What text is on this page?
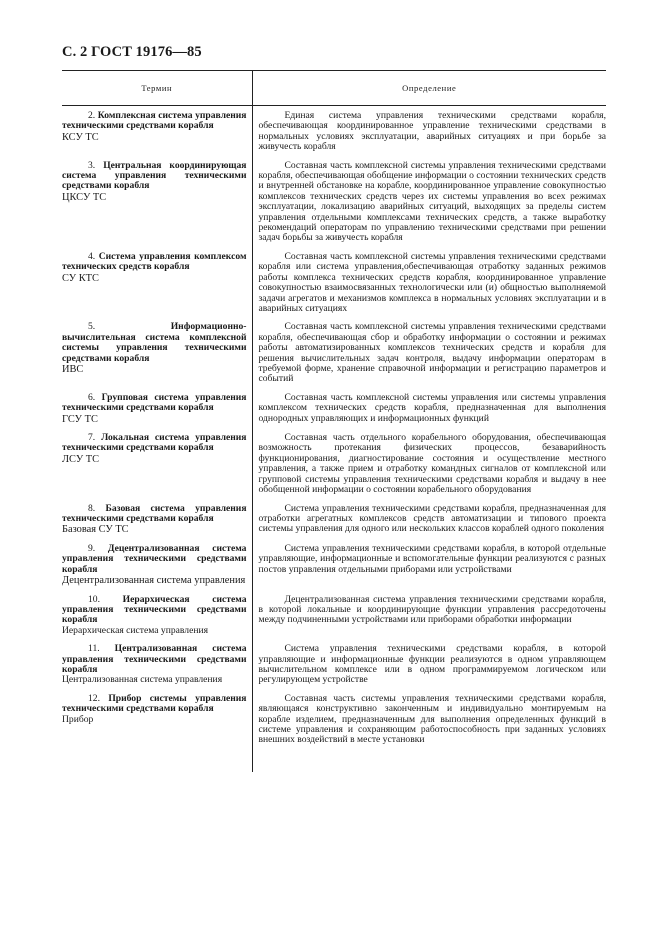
С. 2 ГОСТ 19176—85
Термин	Определение

2. Комплексная система управления техническими средствами корабля
КСУ ТС	Единая система управления техническими средствами корабля, обеспечивающая координированное управление техническими средствами в нормальных условиях эксплуатации, аварийных ситуациях и при борьбе за живучесть корабля

3. Центральная координирующая система управления техническими средствами корабля
ЦКСУ ТС	Составная часть комплексной системы управления техническими средствами корабля, обеспечивающая обобщение информации о состоянии технических средств и внутренней обстановке на корабле, координированное управление совокупностью комплексов технических средств через их системы управления во всех режимах эксплуатации, локализацию аварийных ситуаций, выходящих за пределы систем управления отдельными комплексами технических средств, а также выработку рекомендаций операторам по управлению техническими средствами при решении задач борьбы за живучесть корабля

4. Система управления комплексом технических средств корабля
СУ КТС	Составная часть комплексной системы управления техническими средствами корабля или система управления,обеспечивающая отработку заданных режимов работы комплекса технических средств корабля, координированное управление совокупностью взаимосвязанных технологически или (и) общностью выполняемой задачи агрегатов и механизмов комплекса в нормальных условиях эксплуатации и в аварийных ситуациях

5. Информационно-вычислительная система комплексной системы управления техническими средствами корабля
ИВС	Составная часть комплексной системы управления техническими средствами корабля, обеспечивающая сбор и обработку информации о состоянии и режимах работы автоматизированных комплексов технических средств и корабля для решения вычислительных задач контроля, выдачу информации операторам в требуемой форме, хранение справочной информации и регистрацию параметров и событий

6. Групповая система управления техническими средствами корабля
ГСУ ТС	Составная часть комплексной системы управления или системы управления комплексом технических средств корабля, предназначенная для выполнения однородных управляющих и информационных функций

7. Локальная система управления техническими средствами корабля
ЛСУ ТС	Составная часть отдельного корабельного оборудования, обеспечивающая возможность протекания физических процессов, безаварийность функционирования, диагностирование состояния и осуществление местного управления, а также прием и отработку командных сигналов от комплексной или групповой системы управления техническими средствами корабля и выдачу в нее обобщенной информации о состоянии корабельного оборудования

8. Базовая система управления техническими средствами корабля
Базовая СУ ТС	Система управления техническими средствами корабля, предназначенная для отработки агрегатных комплексов средств автоматизации и типового проекта системы управления для одного или нескольких классов кораблей одного поколения

9. Децентрализованная система управления техническими средствами корабля
Децентрализованная система управления	Система управления техническими средствами корабля, в которой отдельные управляющие, информационные и вспомогательные функции реализуются с разных постов управления отдельными приборами или устройствами

10. Иерархическая система управления техническими средствами корабля
Иерархическая система управления	Децентрализованная система управления техническими средствами корабля, в которой локальные и координирующие функции управления рассредоточены между подчиненными устройствами или приборами обработки информации

11. Централизованная система управления техническими средствами корабля
Централизованная система управления	Система управления техническими средствами корабля, в которой управляющие и информационные функции реализуются в одном управляющем вычислительном комплексе или в одном программируемом логическом или регулирующем устройстве

12. Прибор системы управления техническими средствами корабля
Прибор	Составная часть системы управления техническими средствами корабля, являющаяся конструктивно законченным и индивидуально монтируемым на корабле изделием, предназначенным для выполнения определенных функций в системе управления и сохраняющим работоспособность при заданных условиях внешних воздействий в месте установки
